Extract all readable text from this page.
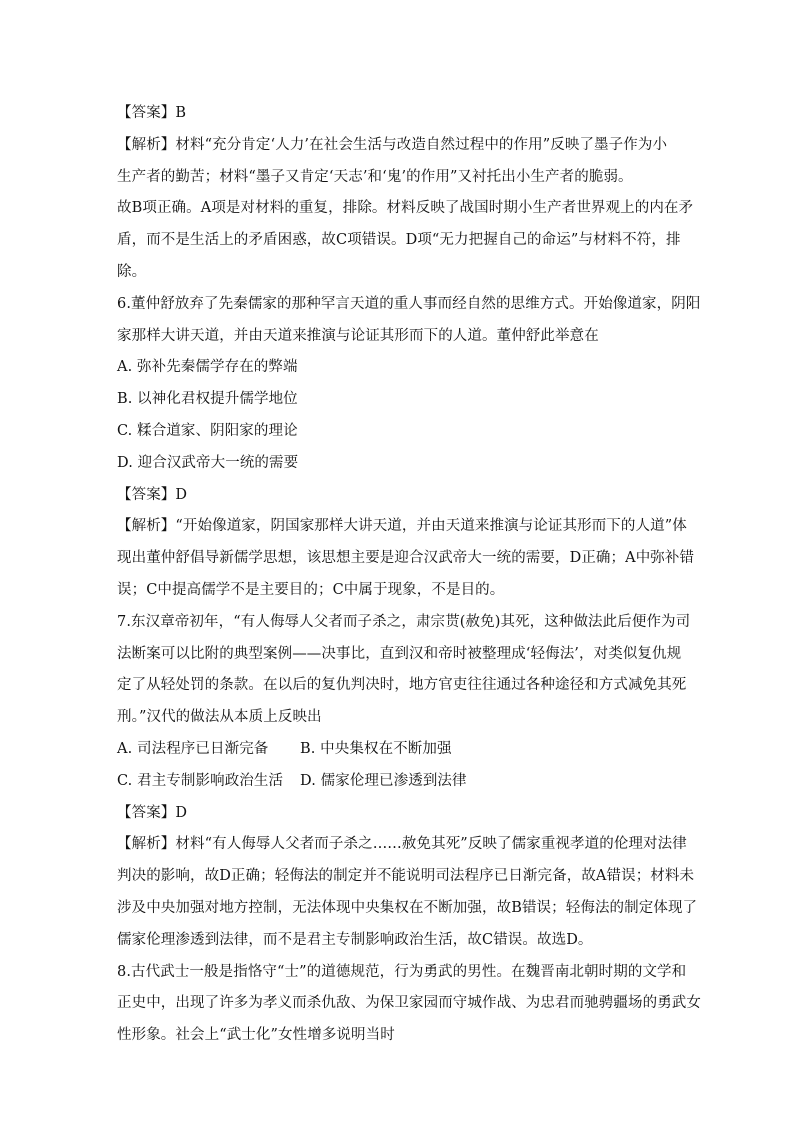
【答案】B
【解析】材料“充分肯定‘人力’在社会生活与改造自然过程中的作用”反映了墨子作为小
生产者的勤苦；材料“墨子又肯定‘天志’和‘鬼’的作用”又衬托出小生产者的脆弱。
故B项正确。A项是对材料的重复，排除。材料反映了战国时期小生产者世界观上的内在矛
盾，而不是生活上的矛盾困惑，故C项错误。D项“无力把握自己的命运”与材料不符，排
除。
6.董仲舒放弃了先秦儒家的那种罕言天道的重人事而经自然的思维方式。开始像道家，阴阳
家那样大讲天道，并由天道来推演与论证其形而下的人道。董仲舒此举意在
A. 弥补先秦儒学存在的弊端
B. 以神化君权提升儒学地位
C. 糅合道家、阴阳家的理论
D. 迎合汉武帝大一统的需要
【答案】D
【解析】“开始像道家，阴国家那样大讲天道，并由天道来推演与论证其形而下的人道”体
现出董仲舒倡导新儒学思想，该思想主要是迎合汉武帝大一统的需要，D正确；A中弥补错
误；C中提高儒学不是主要目的；C中属于现象，不是目的。
7.东汉章帝初年，“有人侮辱人父者而子杀之，肃宗贳(赦免)其死，这种做法此后便作为司
法断案可以比附的典型案例——决事比，直到汉和帝时被整理成‘轻侮法’，对类似复仇规
定了从轻处罚的条款。在以后的复仇判决时，地方官吏往往通过各种途径和方式减免其死
刑。”汉代的做法从本质上反映出
A. 司法程序已日渐完备	B. 中央集权在不断加强
C. 君主专制影响政治生活	D. 儒家伦理已渗透到法律
【答案】D
【解析】材料“有人侮辱人父者而子杀之……赦免其死”反映了儒家重视孝道的伦理对法律
判决的影响，故D正确；轻侮法的制定并不能说明司法程序已日渐完备，故A错误；材料未
涉及中央加强对地方控制，无法体现中央集权在不断加强，故B错误；轻侮法的制定体现了
儒家伦理渗透到法律，而不是君主专制影响政治生活，故C错误。故选D。
8.古代武士一般是指恪守“士”的道德规范，行为勇武的男性。在魏晋南北朝时期的文学和
正史中，出现了许多为孝义而杀仇敌、为保卫家园而守城作战、为忠君而驰骋疆场的勇武女
性形象。社会上“武士化”女性增多说明当时
